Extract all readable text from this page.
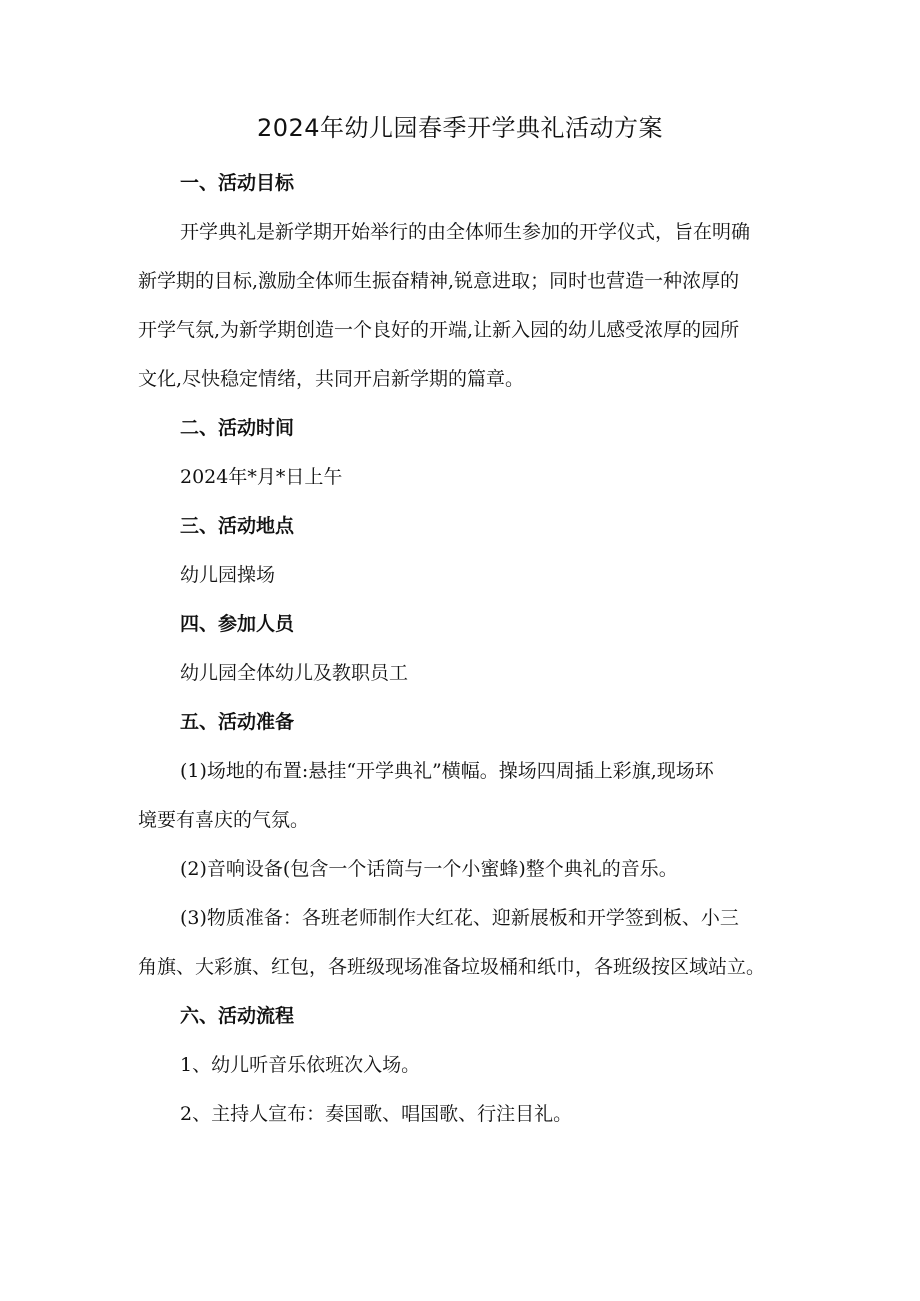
2024年幼儿园春季开学典礼活动方案
一、活动目标
开学典礼是新学期开始举行的由全体师生参加的开学仪式，旨在明确
新学期的目标,激励全体师生振奋精神,锐意进取；同时也营造一种浓厚的
开学气氛,为新学期创造一个良好的开端,让新入园的幼儿感受浓厚的园所
文化,尽快稳定情绪，共同开启新学期的篇章。
二、活动时间
2024年*月*日上午
三、活动地点
幼儿园操场
四、参加人员
幼儿园全体幼儿及教职员工
五、活动准备
(1)场地的布置:悬挂“开学典礼”横幅。操场四周插上彩旗,现场环
境要有喜庆的气氛。
(2)音响设备(包含一个话筒与一个小蜜蜂)整个典礼的音乐。
(3)物质准备：各班老师制作大红花、迎新展板和开学签到板、小三
角旗、大彩旗、红包，各班级现场准备垃圾桶和纸巾，各班级按区域站立。
六、活动流程
1、幼儿听音乐依班次入场。
2、主持人宣布：奏国歌、唱国歌、行注目礼。
